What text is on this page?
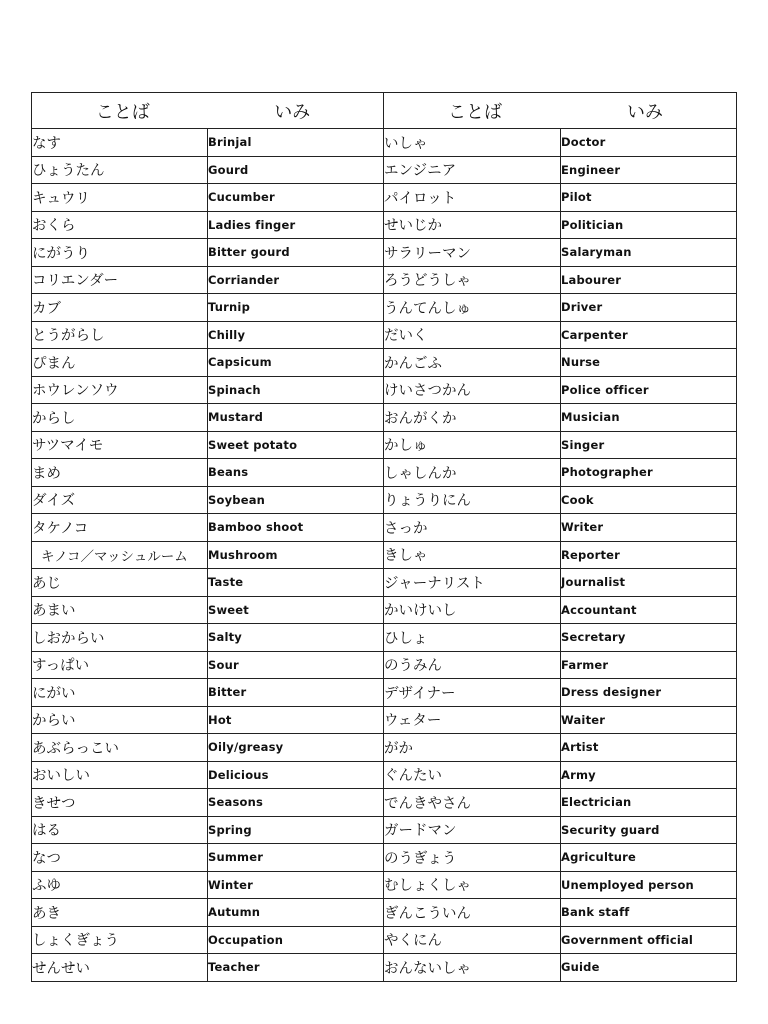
ことば いみ		ことば いみ	
なす	Brinjal	いしゃ	Doctor
ひょうたん	Gourd	エンジニア	Engineer
キュウリ	Cucumber	パイロット	Pilot
おくら	Ladies finger	せいじか	Politician
にがうり	Bitter gourd	サラリーマン	Salaryman
コリエンダー	Corriander	ろうどうしゃ	Labourer
カブ	Turnip	うんてんしゅ	Driver
とうがらし	Chilly	だいく	Carpenter
ぴまん	Capsicum	かんごふ	Nurse
ホウレンソウ	Spinach	けいさつかん	Police officer
からし	Mustard	おんがくか	Musician
サツマイモ	Sweet potato	かしゅ	Singer
まめ	Beans	しゃしんか	Photographer
ダイズ	Soybean	りょうりにん	Cook
タケノコ	Bamboo shoot	さっか	Writer
キノコ／マッシュルーム	Mushroom	きしゃ	Reporter
あじ	Taste	ジャーナリスト	Journalist
あまい	Sweet	かいけいし	Accountant
しおからい	Salty	ひしょ	Secretary
すっぱい	Sour	のうみん	Farmer
にがい	Bitter	デザイナー	Dress designer
からい	Hot	ウェター	Waiter
あぶらっこい	Oily/greasy	がか	Artist
おいしい	Delicious	ぐんたい	Army
きせつ	Seasons	でんきやさん	Electrician
はる	Spring	ガードマン	Security guard
なつ	Summer	のうぎょう	Agriculture
ふゆ	Winter	むしょくしゃ	Unemployed person
あき	Autumn	ぎんこういん	Bank staff
しょくぎょう	Occupation	やくにん	Government official
せんせい	Teacher	おんないしゃ	Guide
